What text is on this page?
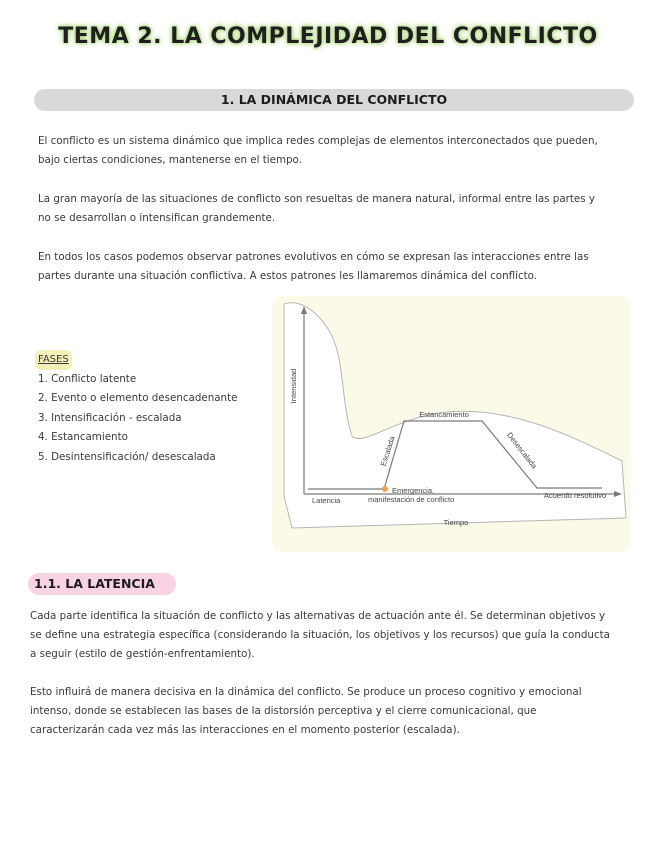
TEMA 2. LA COMPLEJIDAD DEL CONFLICTO
1. LA DINÁMICA DEL CONFLICTO
El conflicto es un sistema dinámico que implica redes complejas de elementos interconectados que pueden, bajo ciertas condiciones, mantenerse en el tiempo.
La gran mayoría de las situaciones de conflicto son resueltas de manera natural, informal entre las partes y no se desarrollan o intensifican grandemente.
En todos los casos podemos observar patrones evolutivos en cómo se expresan las interacciones entre las partes durante una situación conflictiva. A estos patrones les llamaremos dinámica del conflicto.
FASES
1. Conflicto latente
2. Evento o elemento desencadenante
3. Intensificación - escalada
4. Estancamiento
5. Desintensificación/ desescalada
Intensidad
Tiempo
Latencia
Emergencia,
manifestación de conflicto
Escalada
Estancamiento
Desescalada
Acuerdo resolutivo
1.1. LA LATENCIA
Cada parte identifica la situación de conflicto y las alternativas de actuación ante él. Se determinan objetivos y se define una estrategia específica (considerando la situación, los objetivos y los recursos) que guía la conducta a seguir (estilo de gestión-enfrentamiento).
Esto influirá de manera decisiva en la dinámica del conflicto. Se produce un proceso cognitivo y emocional intenso, donde se establecen las bases de la distorsión perceptiva y el cierre comunicacional, que caracterizarán cada vez más las interacciones en el momento posterior (escalada).
